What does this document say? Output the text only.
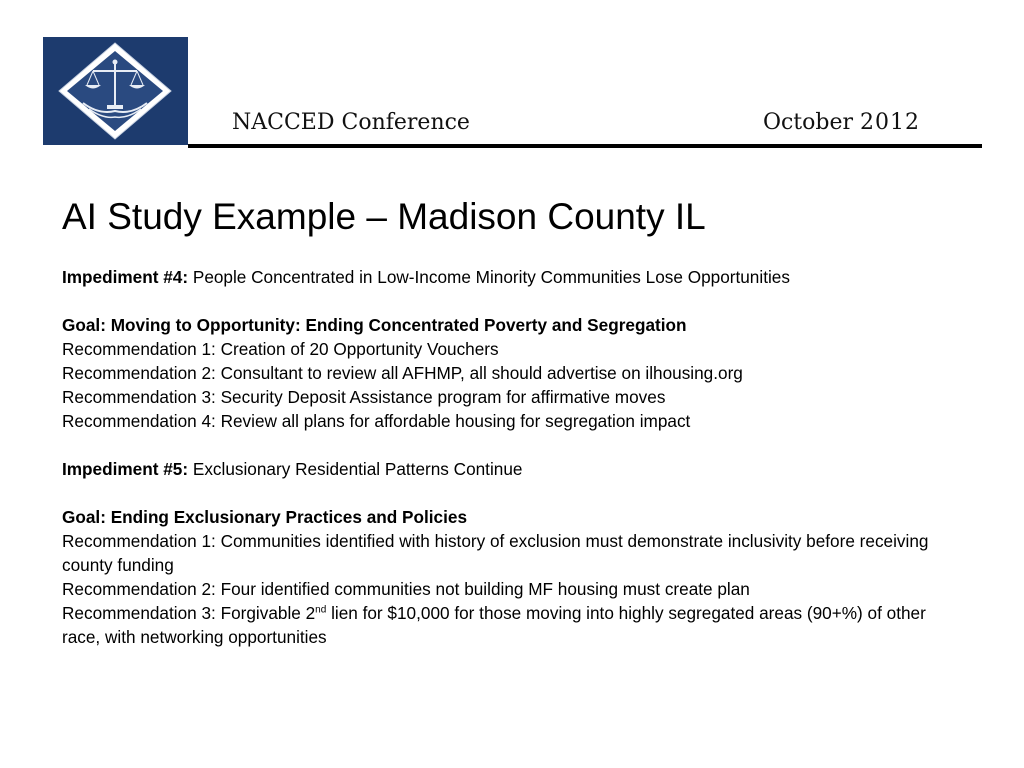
NACCED Conference	October 2012
AI Study Example – Madison County IL

Impediment #4: People Concentrated in Low-Income Minority Communities Lose Opportunities

Goal: Moving to Opportunity: Ending Concentrated Poverty and Segregation

Recommendation 1: Creation of 20 Opportunity Vouchers

Recommendation 2: Consultant to review all AFHMP, all should advertise on ilhousing.org

Recommendation 3: Security Deposit Assistance program for affirmative moves

Recommendation 4: Review all plans for affordable housing for segregation impact

Impediment #5: Exclusionary Residential Patterns Continue

Goal: Ending Exclusionary Practices and Policies

Recommendation 1: Communities identified with history of exclusion must demonstrate inclusivity before receiving county funding

Recommendation 2: Four identified communities not building MF housing must create plan

Recommendation 3: Forgivable 2nd lien for $10,000 for those moving into highly segregated areas (90+%) of other race, with networking opportunities
